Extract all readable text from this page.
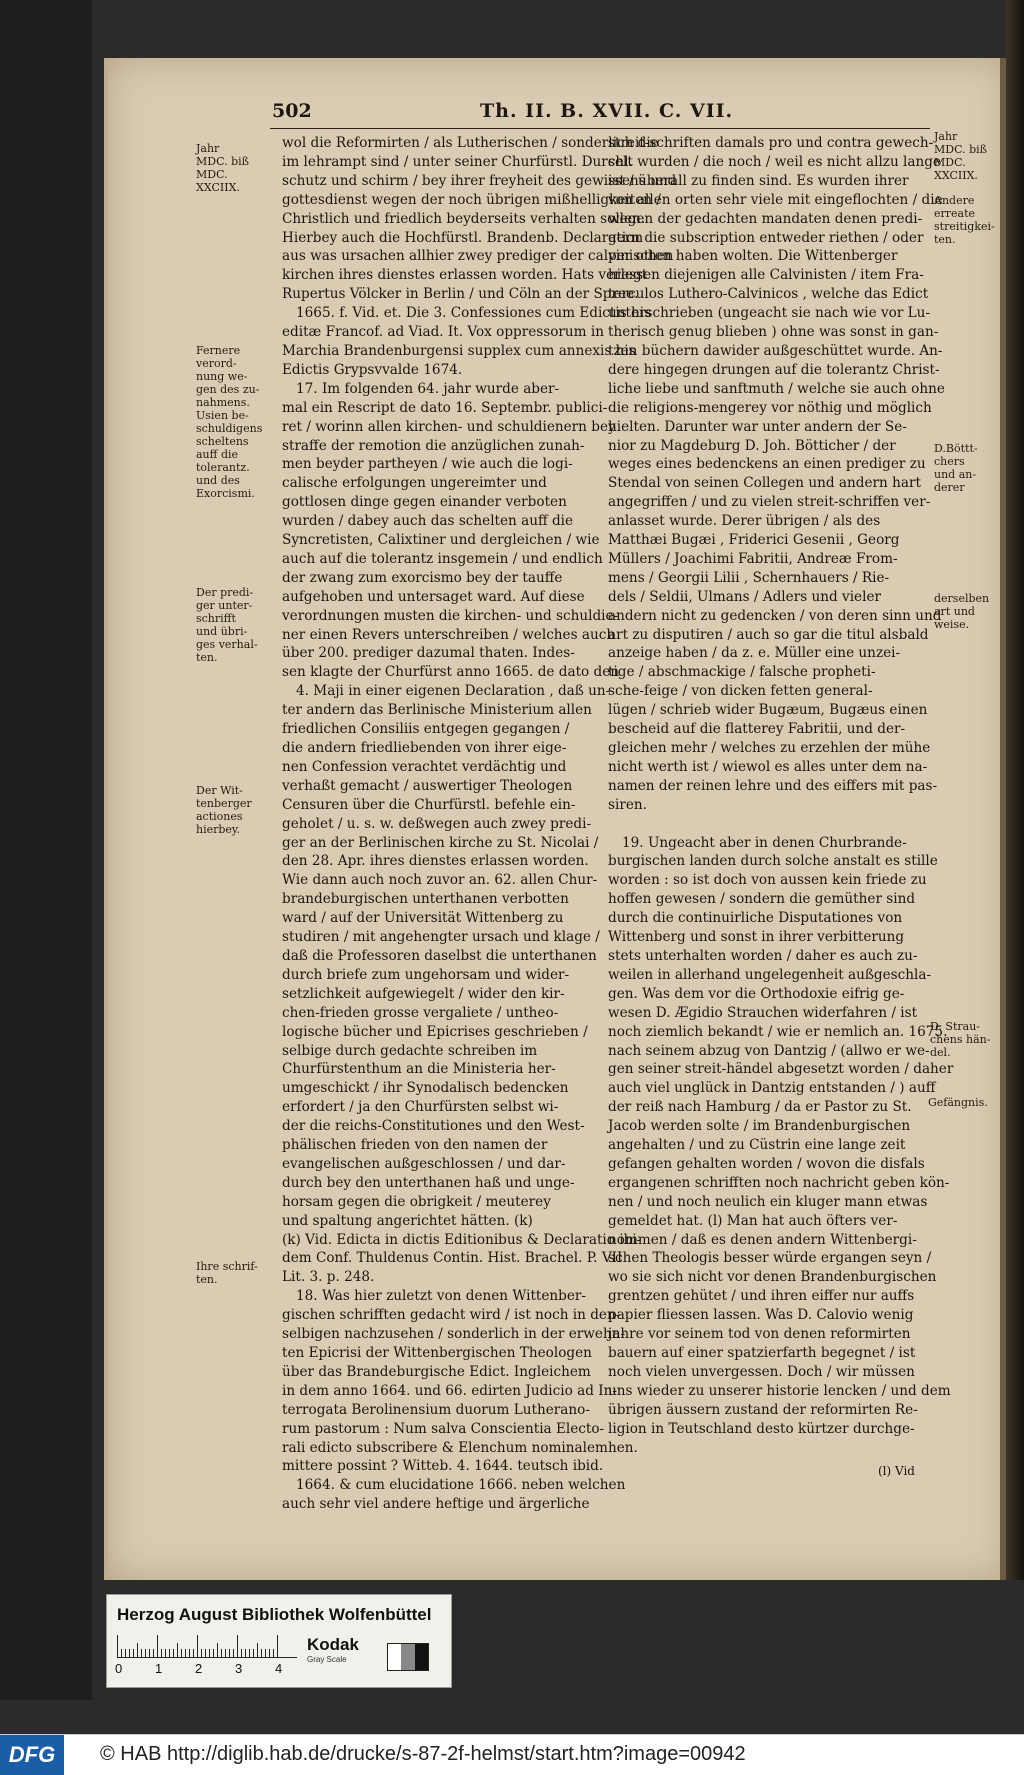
502	Th. II. B. XVII. C. VII.
Jahr
MDC. biß
MDC.
XXCIIX.
Fernere
verord-
nung we-
gen des zu-
nahmens.
Usien be-
schuldigens
scheltens
auff die
tolerantz.
und des
Exorcismi.
Der predi-
ger unter-
schrifft
und übri-
ges verhal-
ten.
Der Wit-
tenberger
actiones
hierbey.
Ihre schrif-
ten.
Jahr
MDC. biß
MDC.
XXCIIX.
Andere
erreate
streitigkei-
ten.
D.Böttt-
chers
und an-
derer
derselben
art und
weise.
D. Strau-
chens hän-
del.
Gefängnis.
wol die Reformirten / als Lutherischen / sonderlich die
im lehrampt sind / unter seiner Churfürstl. Durchl.
schutz und schirm / bey ihrer freyheit des gewissens und
gottesdienst wegen der noch übrigen mißhelligkeiten /
Christlich und friedlich beyderseits verhalten sollen.
Hierbey auch die Hochfürstl. Brandenb. Declaration
aus was ursachen allhier zwey prediger der calvinischen
kirchen ihres dienstes erlassen worden. Hats verlegt
Rupertus Völcker in Berlin / und Cöln an der Spree.
1665. f. Vid. et. Die 3. Confessiones cum Edictis his
editæ Francof. ad Viad. It. Vox oppressorum in
Marchia Brandenburgensi supplex cum annexis his
Edictis Grypsvvalde 1674.
17. Im folgenden 64. jahr wurde aber-
mal ein Rescript de dato 16. Septembr. publici-
ret / worinn allen kirchen- und schuldienern bey
straffe der remotion die anzüglichen zunah-
men beyder partheyen / wie auch die logi-
calische erfolgungen ungereimter und
gottlosen dinge gegen einander verboten
wurden / dabey auch das schelten auff die
Syncretisten, Calixtiner und dergleichen / wie
auch auf die tolerantz insgemein / und endlich
der zwang zum exorcismo bey der tauffe
aufgehoben und untersaget ward. Auf diese
verordnungen musten die kirchen- und schuldie-
ner einen Revers unterschreiben / welches auch
über 200. prediger dazumal thaten. Indes-
sen klagte der Churfürst anno 1665. de dato den
4. Maji in einer eigenen Declaration , daß un-
ter andern das Berlinische Ministerium allen
friedlichen Consiliis entgegen gegangen /
die andern friedliebenden von ihrer eige-
nen Confession verachtet verdächtig und
verhaßt gemacht / auswertiger Theologen
Censuren über die Churfürstl. befehle ein-
geholet / u. s. w. deßwegen auch zwey predi-
ger an der Berlinischen kirche zu St. Nicolai /
den 28. Apr. ihres dienstes erlassen worden.
Wie dann auch noch zuvor an. 62. allen Chur-
brandeburgischen unterthanen verbotten
ward / auf der Universität Wittenberg zu
studiren / mit angehengter ursach und klage /
daß die Professoren daselbst die unterthanen
durch briefe zum ungehorsam und wider-
setzlichkeit aufgewiegelt / wider den kir-
chen-frieden grosse vergaliete / untheo-
logische bücher und Epicrises geschrieben /
selbige durch gedachte schreiben im
Churfürstenthum an die Ministeria her-
umgeschickt / ihr Synodalisch bedencken
erfordert / ja den Churfürsten selbst wi-
der die reichs-Constitutiones und den West-
phälischen frieden von den namen der
evangelischen außgeschlossen / und dar-
durch bey den unterthanen haß und unge-
horsam gegen die obrigkeit / meuterey
und spaltung angerichtet hätten. (k)
(k) Vid. Edicta in dictis Editionibus & Declaratio ibi-
dem Conf. Thuldenus Contin. Hist. Brachel. P. VII
Lit. 3. p. 248.
18. Was hier zuletzt von denen Wittenber-
gischen schrifften gedacht wird / ist noch in den-
selbigen nachzusehen / sonderlich in der erwehn-
ten Epicrisi der Wittenbergischen Theologen
über das Brandeburgische Edict. Ingleichem
in dem anno 1664. und 66. edirten Judicio ad In-
terrogata Berolinensium duorum Lutherano-
rum pastorum : Num salva Conscientia Electo-
rali edicto subscribere & Elenchum nominalem
mittere possint ? Witteb. 4. 1644. teutsch ibid.
1664. & cum elucidatione 1666. neben welchen
auch sehr viel andere heftige und ärgerliche
streit-schriften damals pro und contra gewech-
selt wurden / die noch / weil es nicht allzu lange
ist / überall zu finden sind. Es wurden ihrer
von allen orten sehr viele mit eingeflochten / die
wegen der gedachten mandaten denen predi-
gern die subscription entweder riethen / oder
per otten haben wolten. Die Wittenberger
hiessen diejenigen alle Calvinisten / item Fra-
terculos Luthero-Calvinicos , welche das Edict
unterschrieben (ungeacht sie nach wie vor Lu-
therisch genug blieben ) ohne was sonst in gan-
tzen büchern dawider außgeschüttet wurde. An-
dere hingegen drungen auf die tolerantz Christ-
liche liebe und sanftmuth / welche sie auch ohne
die religions-mengerey vor nöthig und möglich
hielten. Darunter war unter andern der Se-
nior zu Magdeburg D. Joh. Bötticher / der
weges eines bedenckens an einen prediger zu
Stendal von seinen Collegen und andern hart
angegriffen / und zu vielen streit-schriffen ver-
anlasset wurde. Derer übrigen / als des
Matthæi Bugæi , Friderici Gesenii , Georg
Müllers / Joachimi Fabritii, Andreæ From-
mens / Georgii Lilii , Schernhauers / Rie-
dels / Seldii, Ulmans / Adlers und vieler
andern nicht zu gedencken / von deren sinn und
art zu disputiren / auch so gar die titul alsbald
anzeige haben / da z. e. Müller eine unzei-
tige / abschmackige / falsche propheti-
sche-feige / von dicken fetten general-
lügen / schrieb wider Bugæum, Bugæus einen
bescheid auf die flatterey Fabritii, und der-
gleichen mehr / welches zu erzehlen der mühe
nicht werth ist / wiewol es alles unter dem na-
namen der reinen lehre und des eiffers mit pas-
siren.

19. Ungeacht aber in denen Churbrande-
burgischen landen durch solche anstalt es stille
worden : so ist doch von aussen kein friede zu
hoffen gewesen / sondern die gemüther sind
durch die continuirliche Disputationes von
Wittenberg und sonst in ihrer verbitterung
stets unterhalten worden / daher es auch zu-
weilen in allerhand ungelegenheit außgeschla-
gen. Was dem vor die Orthodoxie eifrig ge-
wesen D. Ægidio Strauchen widerfahren / ist
noch ziemlich bekandt / wie er nemlich an. 1675.
nach seinem abzug von Dantzig / (allwo er we-
gen seiner streit-händel abgesetzt worden / daher
auch viel unglück in Dantzig entstanden / ) auff
der reiß nach Hamburg / da er Pastor zu St.
Jacob werden solte / im Brandenburgischen
angehalten / und zu Cüstrin eine lange zeit
gefangen gehalten worden / wovon die disfals
ergangenen schrifften noch nachricht geben kön-
nen / und noch neulich ein kluger mann etwas
gemeldet hat. (l) Man hat auch öfters ver-
nommen / daß es denen andern Wittenbergi-
schen Theologis besser würde ergangen seyn /
wo sie sich nicht vor denen Brandenburgischen
grentzen gehütet / und ihren eiffer nur auffs
papier fliessen lassen. Was D. Calovio wenig
jahre vor seinem tod von denen reformirten
bauern auf einer spatzierfarth begegnet / ist
noch vielen unvergessen. Doch / wir müssen
uns wieder zu unserer historie lencken / und dem
übrigen äussern zustand der reformirten Re-
ligion in Teutschland desto kürtzer durchge-
hen.
(l) Vid
Herzog August Bibliothek Wolfenbüttel
0	1	2	3	4
Kodak
Gray Scale
DFG	© HAB http://diglib.hab.de/drucke/s-87-2f-helmst/start.htm?image=00942
